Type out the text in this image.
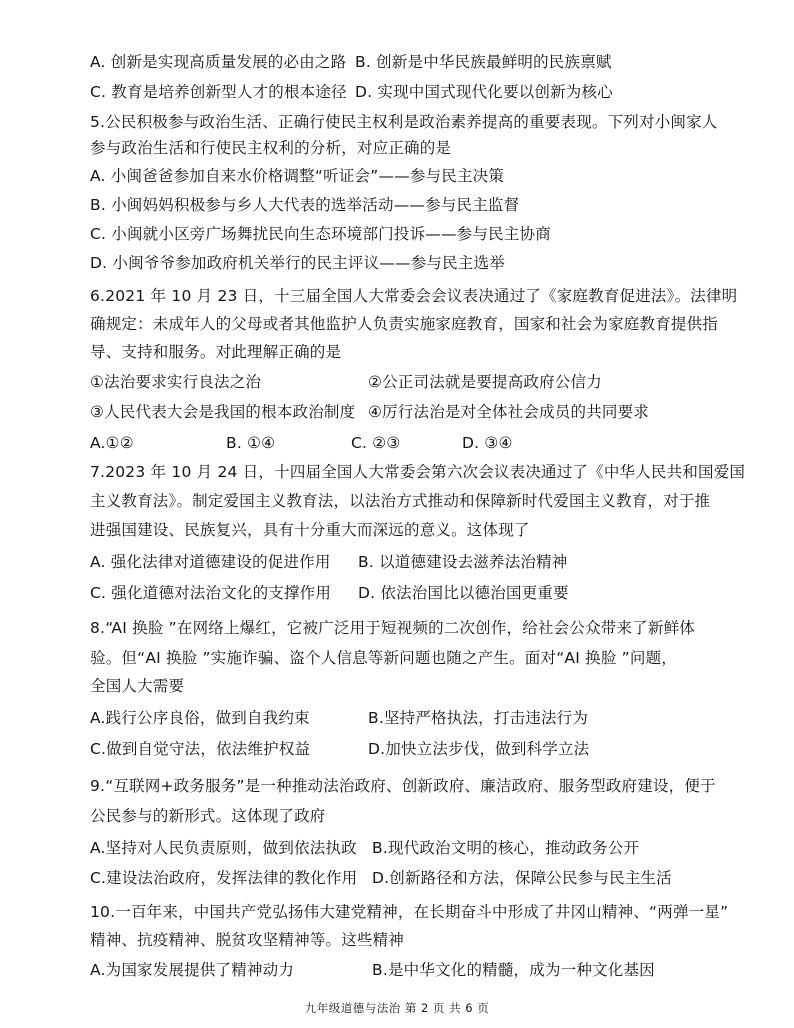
A. 创新是实现高质量发展的必由之路 B. 创新是中华民族最鲜明的民族禀赋
C. 教育是培养创新型人才的根本途径 D. 实现中国式现代化要以创新为核心
5.公民积极参与政治生活、正确行使民主权利是政治素养提高的重要表现。下列对小闽家人
参与政治生活和行使民主权利的分析，对应正确的是
A. 小闽爸爸参加自来水价格调整“听证会”——参与民主决策
B. 小闽妈妈积极参与乡人大代表的选举活动——参与民主监督
C. 小闽就小区旁广场舞扰民向生态环境部门投诉——参与民主协商
D. 小闽爷爷参加政府机关举行的民主评议——参与民主选举
6.2021 年 10 月 23 日，十三届全国人大常委会会议表决通过了《家庭教育促进法》。法律明
确规定：未成年人的父母或者其他监护人负责实施家庭教育，国家和社会为家庭教育提供指
导、支持和服务。对此理解正确的是
①法治要求实行良法之治	②公正司法就是要提高政府公信力
③人民代表大会是我国的根本政治制度 ④厉行法治是对全体社会成员的共同要求
A.①②	B. ①④	C. ②③	D. ③④
7.2023 年 10 月 24 日，十四届全国人大常委会第六次会议表决通过了《中华人民共和国爱国
主义教育法》。制定爱国主义教育法，以法治方式推动和保障新时代爱国主义教育，对于推
进强国建设、民族复兴，具有十分重大而深远的意义。这体现了
A. 强化法律对道德建设的促进作用 B. 以道德建设去滋养法治精神
C. 强化道德对法治文化的支撑作用 D. 依法治国比以德治国更重要
8.“AI 换脸 ”在网络上爆红，它被广泛用于短视频的二次创作，给社会公众带来了新鲜体
验。但“AI 换脸 ”实施诈骗、盗个人信息等新问题也随之产生。面对“AI 换脸 ”问题，
全国人大需要
A.践行公序良俗，做到自我约束	B.坚持严格执法，打击违法行为
C.做到自觉守法，依法维护权益	D.加快立法步伐，做到科学立法
9.“互联网+政务服务”是一种推动法治政府、创新政府、廉洁政府、服务型政府建设，便于
公民参与的新形式。这体现了政府
A.坚持对人民负责原则，做到依法执政 B.现代政治文明的核心，推动政务公开
C.建设法治政府，发挥法律的教化作用 D.创新路径和方法，保障公民参与民主生活
10.一百年来，中国共产党弘扬伟大建党精神，在长期奋斗中形成了井冈山精神、“两弹一星”
精神、抗疫精神、脱贫攻坚精神等。这些精神
A.为国家发展提供了精神动力	B.是中华文化的精髓，成为一种文化基因
九年级道德与法治 第 2 页 共 6 页
